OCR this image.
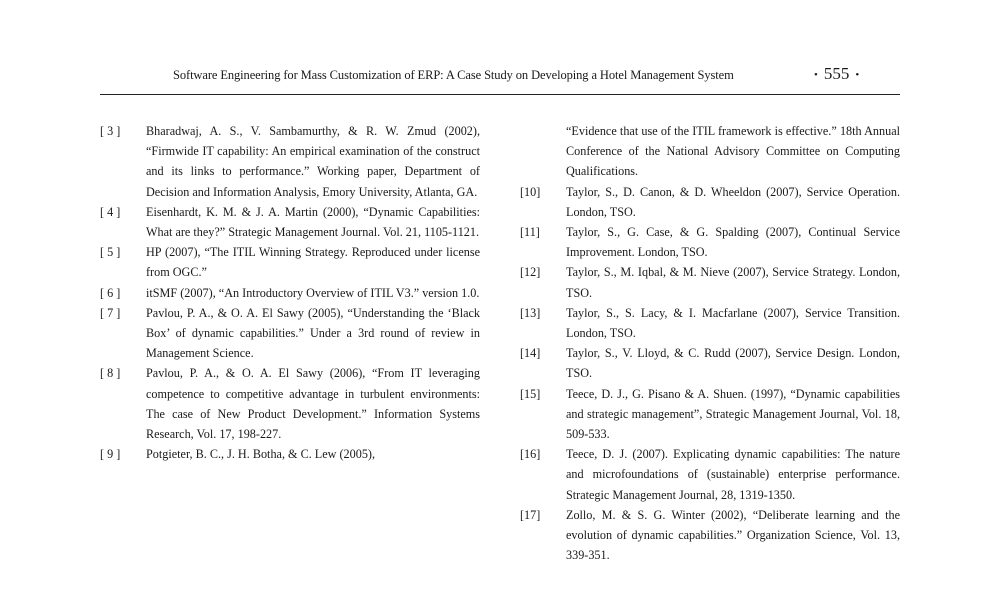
Software Engineering for Mass Customization of ERP: A Case Study on Developing a Hotel Management System	• 555 •
[ 3 ]	Bharadwaj, A. S., V. Sambamurthy, & R. W. Zmud (2002), “Firmwide IT capability: An empirical examination of the construct and its links to performance.” Working paper, Department of Decision and Information Analysis, Emory University, Atlanta, GA.
[ 4 ]	Eisenhardt, K. M. & J. A. Martin (2000), “Dynamic Capabilities: What are they?” Strategic Management Journal. Vol. 21, 1105-1121.
[ 5 ]	HP (2007), “The ITIL Winning Strategy. Reproduced under license from OGC.”
[ 6 ]	itSMF (2007), “An Introductory Overview of ITIL V3.” version 1.0.
[ 7 ]	Pavlou, P. A., & O. A. El Sawy (2005), “Understanding the ‘Black Box’ of dynamic capabilities.” Under a 3rd round of review in Management Science.
[ 8 ]	Pavlou, P. A., & O. A. El Sawy (2006), “From IT leveraging competence to competitive advantage in turbulent environments: The case of New Product Development.” Information Systems Research, Vol. 17, 198-227.
[ 9 ]	Potgieter, B. C., J. H. Botha, & C. Lew (2005),
“Evidence that use of the ITIL framework is effective.” 18th Annual Conference of the National Advisory Committee on Computing Qualifications.
[10]	Taylor, S., D. Canon, & D. Wheeldon (2007), Service Operation. London, TSO.
[11]	Taylor, S., G. Case, & G. Spalding (2007), Continual Service Improvement. London, TSO.
[12]	Taylor, S., M. Iqbal, & M. Nieve (2007), Service Strategy. London, TSO.
[13]	Taylor, S., S. Lacy, & I. Macfarlane (2007), Service Transition. London, TSO.
[14]	Taylor, S., V. Lloyd, & C. Rudd (2007), Service Design. London, TSO.
[15]	Teece, D. J., G. Pisano & A. Shuen. (1997), “Dynamic capabilities and strategic management”, Strategic Management Journal, Vol. 18, 509-533.
[16]	Teece, D. J. (2007). Explicating dynamic capabilities: The nature and microfoundations of (sustainable) enterprise performance. Strategic Management Journal, 28, 1319-1350.
[17]	Zollo, M. & S. G. Winter (2002), “Deliberate learning and the evolution of dynamic capabilities.” Organization Science, Vol. 13, 339-351.
